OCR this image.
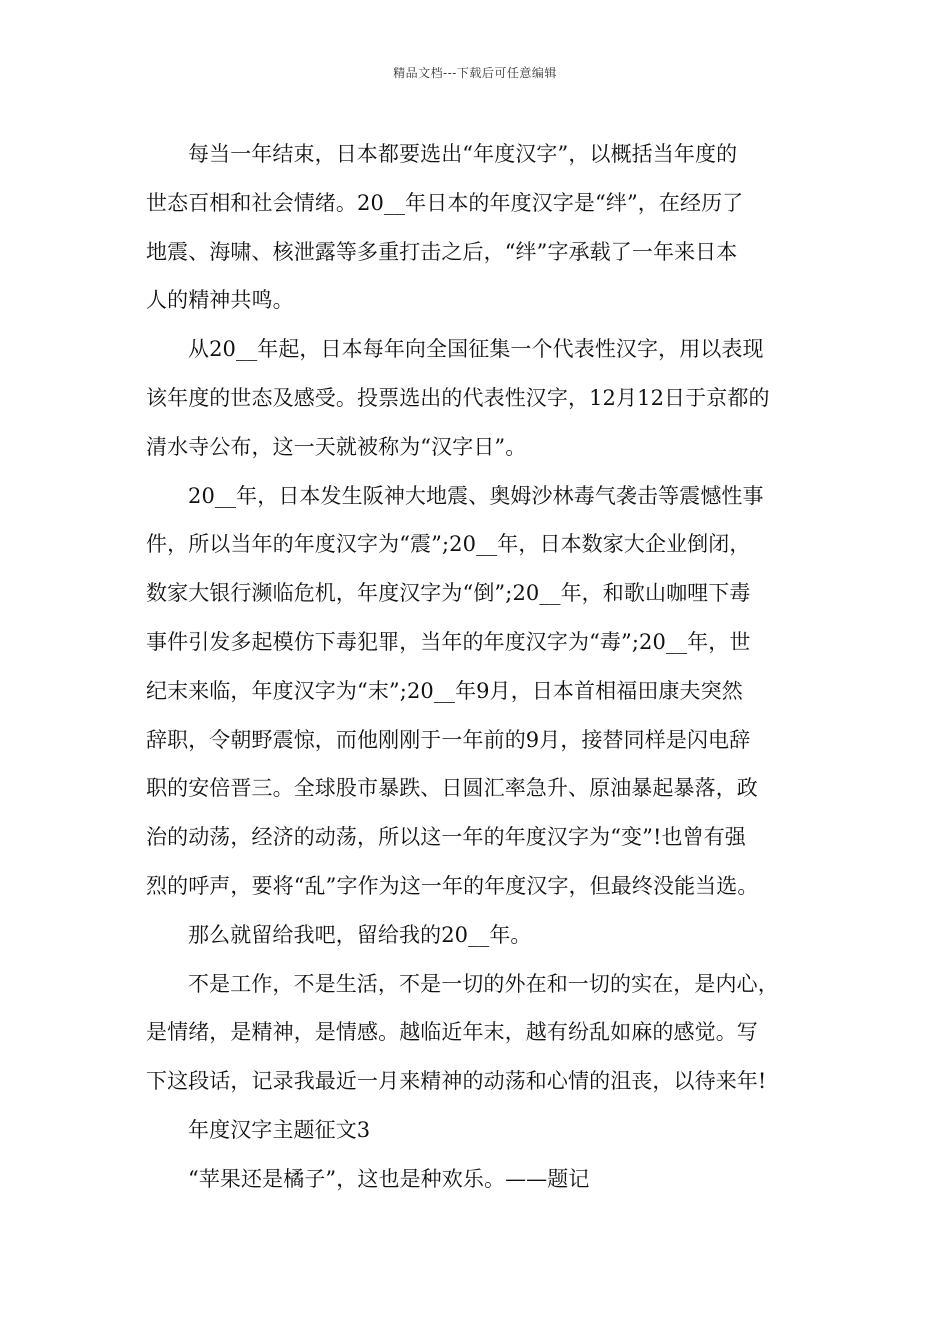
精品文档---下载后可任意编辑
每当一年结束，日本都要选出“年度汉字”，以概括当年度的
世态百相和社会情绪。20__年日本的年度汉字是“绊”，在经历了
地震、海啸、核泄露等多重打击之后，“绊”字承载了一年来日本
人的精神共鸣。
从20__年起，日本每年向全国征集一个代表性汉字，用以表现
该年度的世态及感受。投票选出的代表性汉字，12月12日于京都的
清水寺公布，这一天就被称为“汉字日”。
20__年，日本发生阪神大地震、奥姆沙林毒气袭击等震憾性事
件，所以当年的年度汉字为“震”;20__年，日本数家大企业倒闭，
数家大银行濒临危机，年度汉字为“倒”;20__年，和歌山咖哩下毒
事件引发多起模仿下毒犯罪，当年的年度汉字为“毒”;20__年，世
纪末来临，年度汉字为“末”;20__年9月，日本首相福田康夫突然
辞职，令朝野震惊，而他刚刚于一年前的9月，接替同样是闪电辞
职的安倍晋三。全球股市暴跌、日圆汇率急升、原油暴起暴落，政
治的动荡，经济的动荡，所以这一年的年度汉字为“变”!也曾有强
烈的呼声，要将“乱”字作为这一年的年度汉字，但最终没能当选。
那么就留给我吧，留给我的20__年。
不是工作，不是生活，不是一切的外在和一切的实在，是内心，
是情绪，是精神，是情感。越临近年末，越有纷乱如麻的感觉。写
下这段话，记录我最近一月来精神的动荡和心情的沮丧，以待来年!
年度汉字主题征文3
“苹果还是橘子”，这也是种欢乐。——题记
